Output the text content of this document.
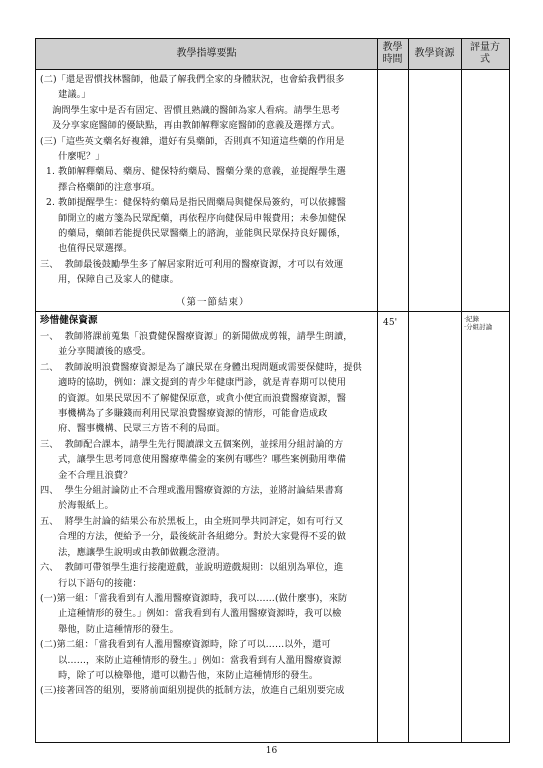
教學指導要點
教學
時間
教學資源
評量方
式
(二)「還是習慣找林醫師，他最了解我們全家的身體狀況，也會給我們很多
建議。」
詢問學生家中是否有固定、習慣且熟識的醫師為家人看病。請學生思考
及分享家庭醫師的優缺點，再由教師解釋家庭醫師的意義及選擇方式。
(三)「這些英文藥名好複雜，還好有吳藥師，否則真不知道這些藥的作用是
什麼呢？」
1. 教師解釋藥局、藥房、健保特約藥局、醫藥分業的意義，並提醒學生選
擇合格藥師的注意事項。
2. 教師提醒學生：健保特約藥局是指民間藥局與健保局簽約，可以依據醫
師開立的處方箋為民眾配藥，再依程序向健保局申報費用；未參加健保
的藥局，藥師若能提供民眾醫藥上的諮詢，並能與民眾保持良好關係，
也值得民眾選擇。
三、  教師最後鼓勵學生多了解居家附近可利用的醫療資源，才可以有效運
用，保障自己及家人的健康。
（第一節結束）
珍惜健保資源	45'	‧紀錄
‧分組討論
一、  教師將課前蒐集「浪費健保醫療資源」的新聞做成剪報，請學生朗讀，
並分享閱讀後的感受。
二、  教師說明浪費醫療資源是為了讓民眾在身體出現問題或需要保健時，提供
適時的協助，例如：課文提到的青少年健康門診，就是青春期可以使用
的資源。如果民眾因不了解健保原意，或貪小便宜而浪費醫療資源，醫
事機構為了多賺錢而利用民眾浪費醫療資源的情形，可能會造成政
府、醫事機構、民眾三方皆不利的局面。
三、  教師配合課本，請學生先行閱讀課文五個案例，並採用分組討論的方
式，讓學生思考同意使用醫療準備金的案例有哪些？哪些案例動用準備
金不合理且浪費？
四、  學生分組討論防止不合理或濫用醫療資源的方法，並將討論結果書寫
於海報紙上。
五、  將學生討論的結果公布於黑板上，由全班同學共同評定，如有可行又
合理的方法，便給予一分，最後統計各組總分。對於大家覺得不妥的做
法，應讓學生說明或由教師做觀念澄清。
六、  教師可帶領學生進行接龍遊戲，並說明遊戲規則：以組別為單位，進
行以下語句的接龍：
(一)第一組：「當我看到有人濫用醫療資源時，我可以……(做什麼事)，來防
止這種情形的發生。」例如：當我看到有人濫用醫療資源時，我可以檢
舉他，防止這種情形的發生。
(二)第二組：「當我看到有人濫用醫療資源時，除了可以……以外，還可
以……，來防止這種情形的發生。」例如：當我看到有人濫用醫療資源
時，除了可以檢舉他，還可以勸告他，來防止這種情形的發生。
(三)接著回答的組別，要將前面組別提供的抵制方法，放進自己組別要完成
16
